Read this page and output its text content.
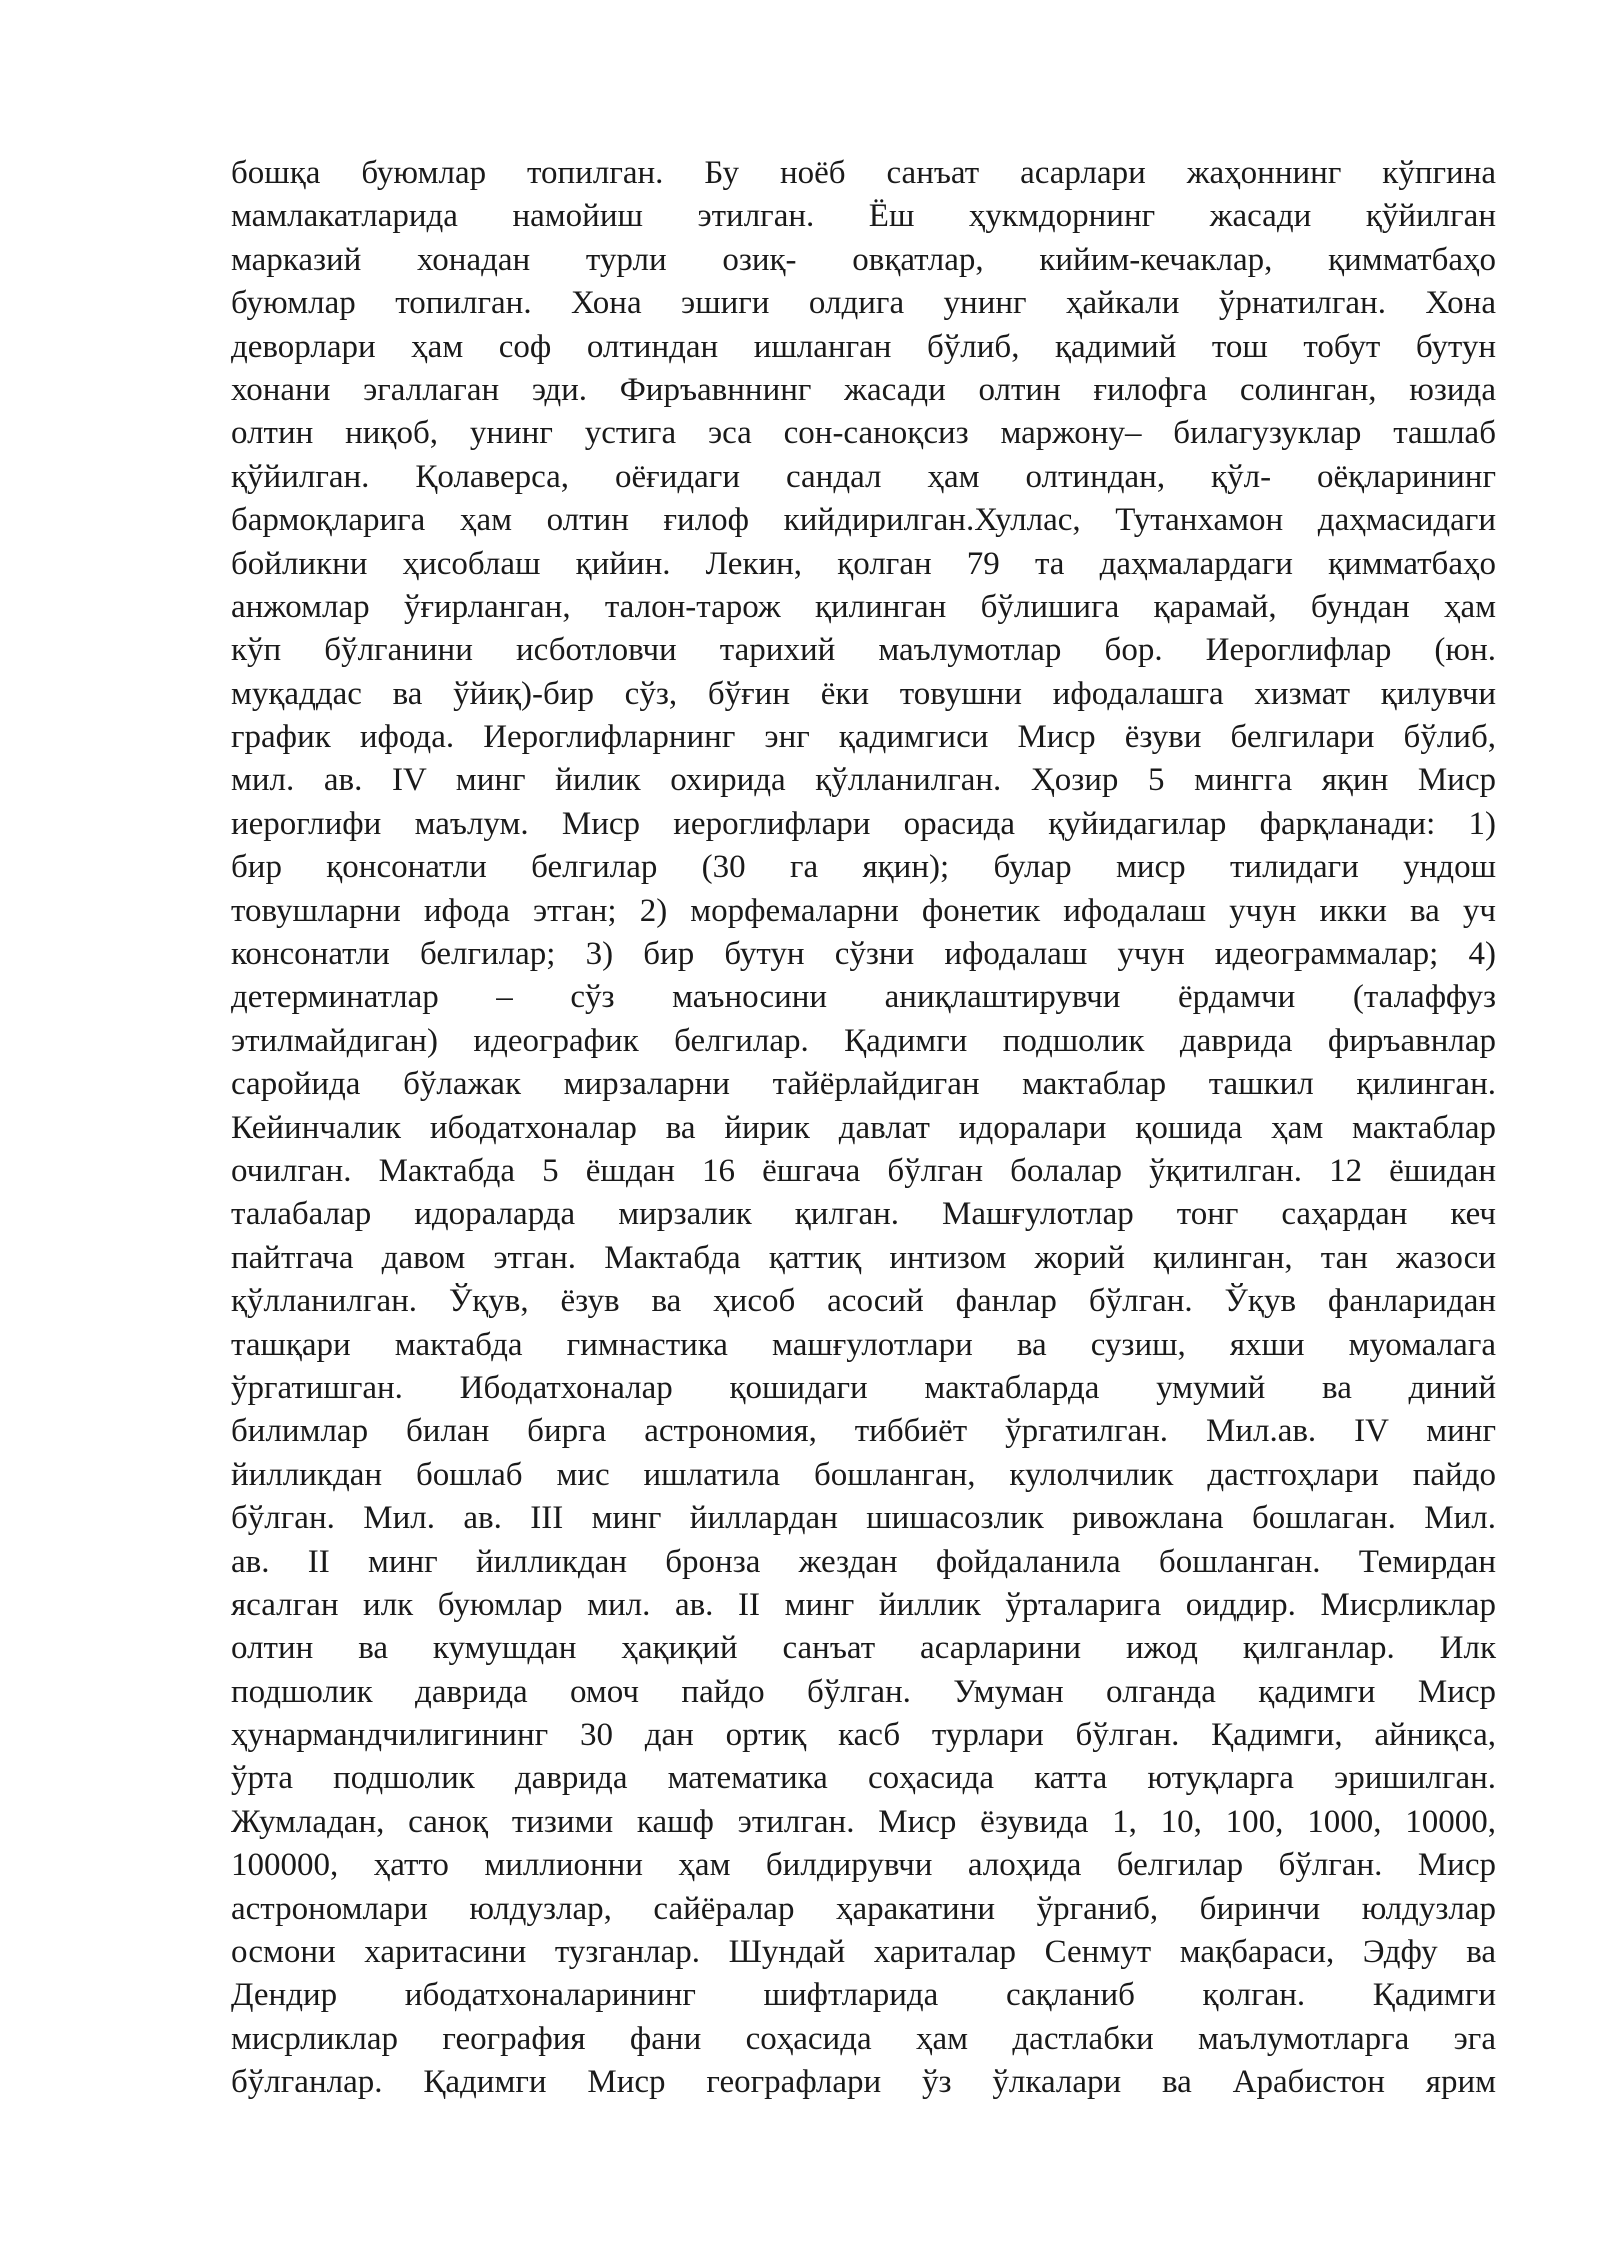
бошқа буюмлар топилган. Бу ноёб санъат асарлари жаҳоннинг кўпгина
мамлакатларида намойиш этилган. Ёш ҳукмдорнинг жасади қўйилган
марказий хонадан турли озиқ- овқатлар, кийим-кечаклар, қимматбаҳо
буюмлар топилган. Хона эшиги олдига унинг ҳайкали ўрнатилган. Хона
деворлари ҳам соф олтиндан ишланган бўлиб, қадимий тош тобут бутун
хонани эгаллаган эди. Фиръавннинг жасади олтин ғилофга солинган, юзида
олтин ниқоб, унинг устига эса сон-саноқсиз маржону– билагузуклар ташлаб
қўйилган. Қолаверса, оёғидаги сандал ҳам олтиндан, қўл- оёқларининг
бармоқларига ҳам олтин ғилоф кийдирилган.Хуллас, Тутанхамон даҳмасидаги
бойликни ҳисоблаш қийин. Лекин, қолган 79 та даҳмалардаги қимматбаҳо
анжомлар ўғирланган, талон-тарож қилинган бўлишига қарамай, бундан ҳам
кўп бўлганини исботловчи тарихий маълумотлар бор. Иероглифлар (юн.
муқаддас ва ўйиқ)-бир сўз, бўғин ёки товушни ифодалашга хизмат қилувчи
график ифода. Иероглифларнинг энг қадимгиси Миср ёзуви белгилари бўлиб,
мил. ав. IV минг йилик охирида қўлланилган. Ҳозир 5 мингга яқин Миср
иероглифи маълум. Миср иероглифлари орасида қуйидагилар фарқланади: 1)
бир қонсонатли белгилар (30 га яқин); булар миср тилидаги ундош
товушларни ифода этган; 2) морфемаларни фонетик ифодалаш учун икки ва уч
консонатли белгилар; 3) бир бутун сўзни ифодалаш учун идеограммалар; 4)
детерминатлар – сўз маъносини аниқлаштирувчи ёрдамчи (талаффуз
этилмайдиган) идеографик белгилар. Қадимги подшолик даврида фиръавнлар
саройида бўлажак мирзаларни тайёрлайдиган мактаблар ташкил қилинган.
Кейинчалик ибодатхоналар ва йирик давлат идоралари қошида ҳам мактаблар
очилган. Мактабда 5 ёшдан 16 ёшгача бўлган болалар ўқитилган. 12 ёшидан
талабалар идораларда мирзалик қилган. Машғулотлар тонг саҳардан кеч
пайтгача давом этган. Мактабда қаттиқ интизом жорий қилинган, тан жазоси
қўлланилган. Ўқув, ёзув ва ҳисоб асосий фанлар бўлган. Ўқув фанларидан
ташқари мактабда гимнастика машғулотлари ва сузиш, яхши муомалага
ўргатишган. Ибодатхоналар қошидаги мактабларда умумий ва диний
билимлар билан бирга астрономия, тиббиёт ўргатилган. Мил.ав. IV минг
йилликдан бошлаб мис ишлатила бошланган, кулолчилик дастгоҳлари пайдо
бўлган. Мил. ав. III минг йиллардан шишасозлик ривожлана бошлаган. Мил.
ав. II минг йилликдан бронза жездан фойдаланила бошланган. Темирдан
ясалган илк буюмлар мил. ав. II минг йиллик ўрталарига оиддир. Мисрликлар
олтин ва кумушдан ҳақиқий санъат асарларини ижод қилганлар. Илк
подшолик даврида омоч пайдо бўлган. Умуман олганда қадимги Миср
ҳунармандчилигининг 30 дан ортиқ касб турлари бўлган. Қадимги, айниқса,
ўрта подшолик даврида математика соҳасида катта ютуқларга эришилган.
Жумладан, саноқ тизими кашф этилган. Миср ёзувида 1, 10, 100, 1000, 10000,
100000, ҳатто миллионни ҳам билдирувчи алоҳида белгилар бўлган. Миср
астрономлари юлдузлар, сайёралар ҳаракатини ўрганиб, биринчи юлдузлар
осмони харитасини тузганлар. Шундай хариталар Сенмут мақбараси, Эдфу ва
Дендир ибодатхоналарининг шифтларида сақланиб қолган. Қадимги
мисрликлар география фани соҳасида ҳам дастлабки маълумотларга эга
бўлганлар. Қадимги Миср географлари ўз ўлкалари ва Арабистон ярим
